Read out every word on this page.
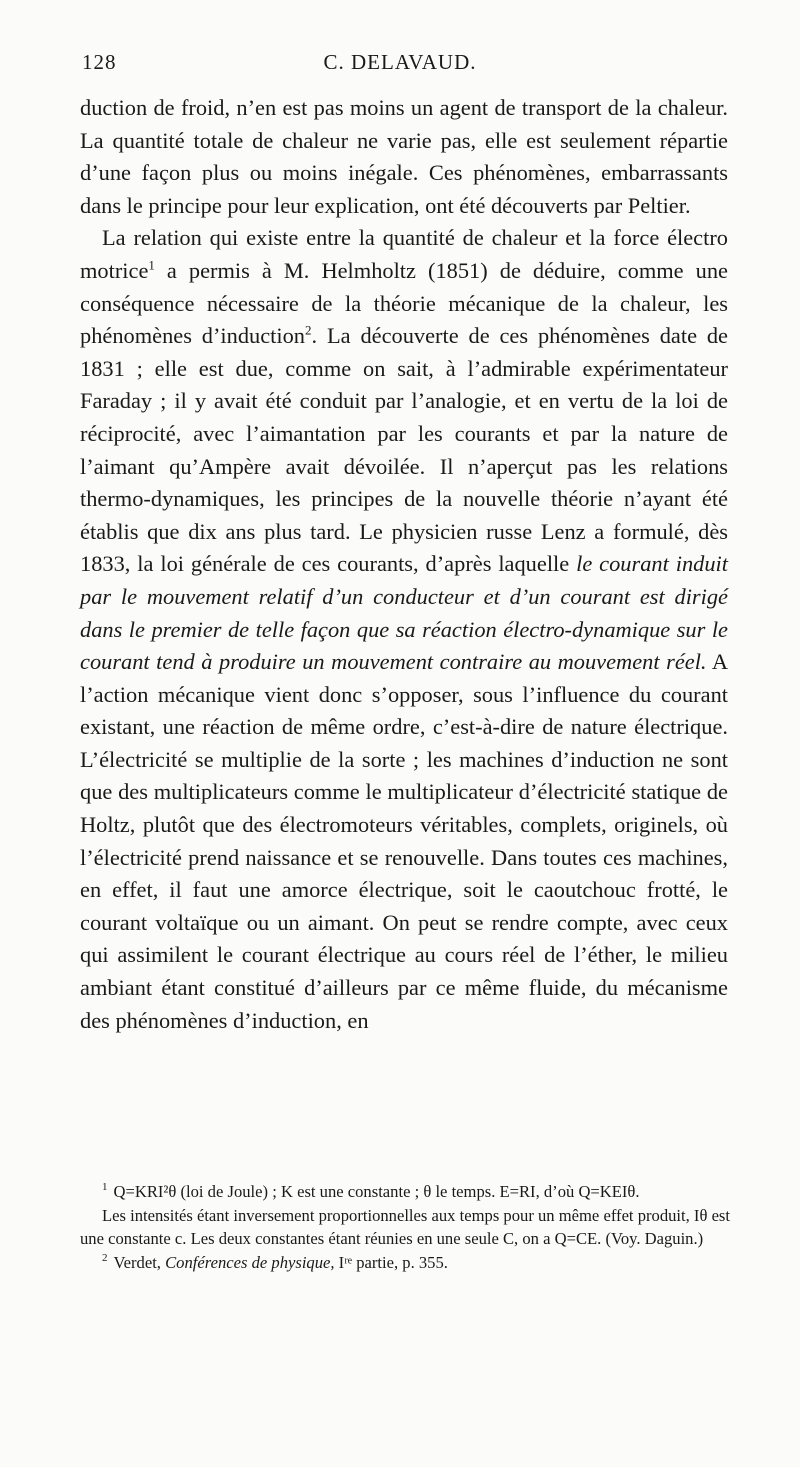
128	C. DELAVAUD.

duction de froid, n’en est pas moins un agent de transport de la chaleur. La quantité totale de chaleur ne varie pas, elle est seulement répartie d’une façon plus ou moins inégale. Ces phénomènes, embarrassants dans le principe pour leur explication, ont été découverts par Peltier.

La relation qui existe entre la quantité de chaleur et la force électro motrice$^1$ a permis à M. Helmholtz (1851) de déduire, comme une conséquence nécessaire de la théorie mécanique de la chaleur, les phénomènes d’induction$^2$. La découverte de ces phénomènes date de 1831 ; elle est due, comme on sait, à l’admirable expérimentateur Faraday ; il y avait été conduit par l’analogie, et en vertu de la loi de réciprocité, avec l’aimantation par les courants et par la nature de l’aimant qu’Ampère avait dévoilée. Il n’aperçut pas les relations thermo-dynamiques, les principes de la nouvelle théorie n’ayant été établis que dix ans plus tard. Le physicien russe Lenz a formulé, dès 1833, la loi générale de ces courants, d’après laquelle le courant induit par le mouvement relatif d’un conducteur et d’un courant est dirigé dans le premier de telle façon que sa réaction électro-dynamique sur le courant tend à produire un mouvement contraire au mouvement réel. A l’action mécanique vient donc s’opposer, sous l’influence du courant existant, une réaction de même ordre, c’est-à-dire de nature électrique. L’électricité se multiplie de la sorte ; les machines d’induction ne sont que des multiplicateurs comme le multiplicateur d’électricité statique de Holtz, plutôt que des électromoteurs véritables, complets, originels, où l’électricité prend naissance et se renouvelle. Dans toutes ces machines, en effet, il faut une amorce électrique, soit le caoutchouc frotté, le courant voltaïque ou un aimant. On peut se rendre compte, avec ceux qui assimilent le courant électrique au cours réel de l’éther, le milieu ambiant étant constitué d’ailleurs par ce même fluide, du mécanisme des phénomènes d’induction, en

$^1$ Q=KRI²θ (loi de Joule) ; K est une constante ; θ le temps. E=RI, d’où Q=KEIθ.

Les intensités étant inversement proportionnelles aux temps pour un même effet produit, Iθ est une constante c. Les deux constantes étant réunies en une seule C, on a Q=CE. (Voy. Daguin.)

$^2$ Verdet, Conférences de physique, Iʳᵉ partie, p. 355.
